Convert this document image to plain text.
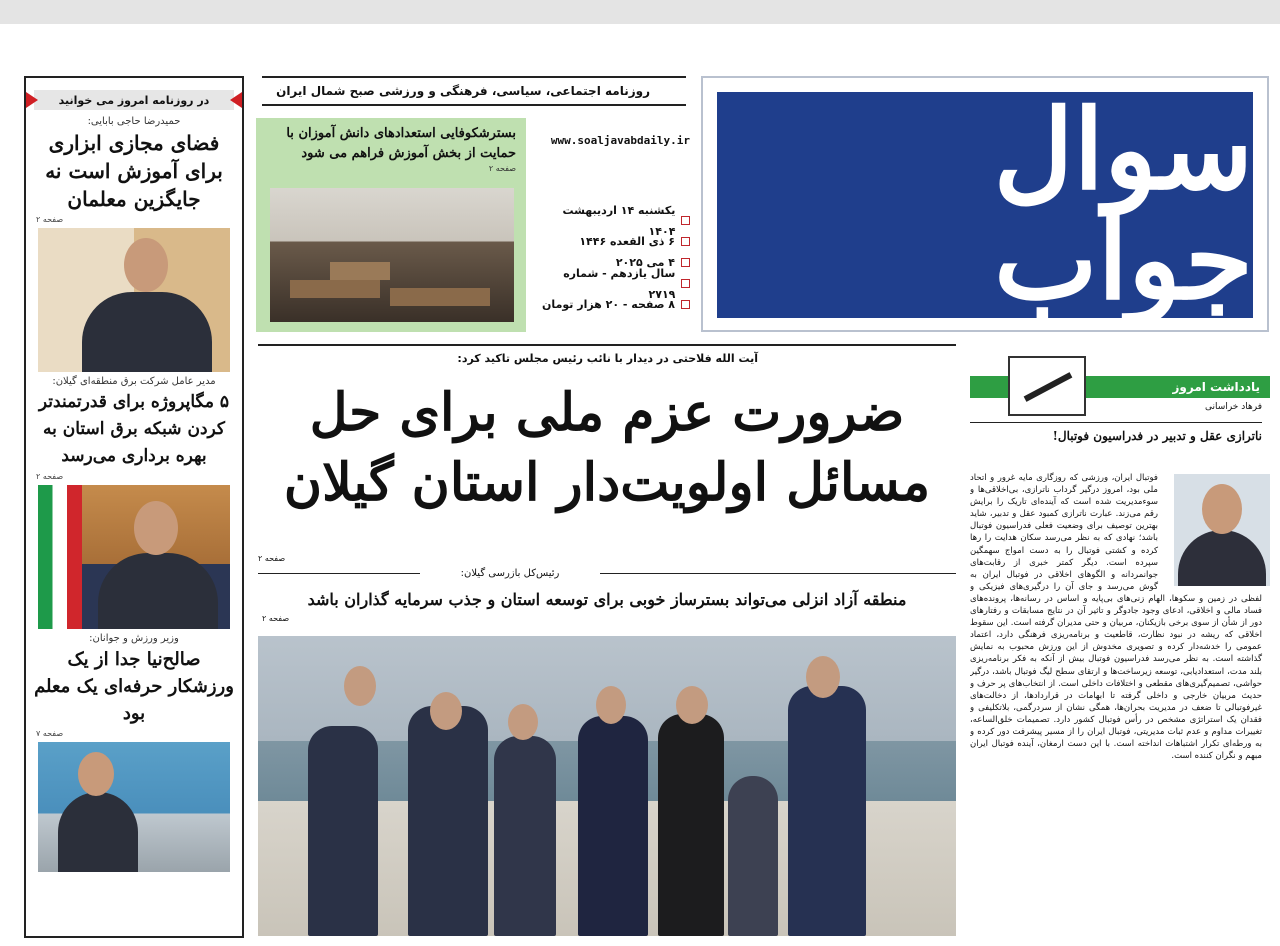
در روزنامه امروز می خوانید
حمیدرضا حاجی بابایی:
فضای مجازی ابزاری برای آموزش است نه جایگزین معلمان
صفحه ۲
مدیر عامل شرکت برق منطقه‌ای گیلان:
۵ مگاپروژه برای قدرتمندتر کردن شبکه برق استان به بهره برداری می‌رسد
صفحه ۲
وزیر ورزش و جوانان:
صالح‌نیا جدا از یک ورزشکار حرفه‌ای یک معلم بود
صفحه ۷
سوال جواب
روزنامه اجتماعی، سیاسی، فرهنگی و ورزشی صبح شمال ایران
www.soaljavabdaily.ir
یکشنبه ۱۴ اردیبهشت ۱۴۰۴
۶ ذی القعده ۱۴۴۶
۴ می ۲۰۲۵
سال یازدهم - شماره ۲۷۱۹
۸ صفحه - ۲۰ هزار تومان
بسترشکوفایی استعدادهای دانش آموزان با حمایت از بخش آموزش فراهم می شود
صفحه ۲
آیت الله فلاحتی در دیدار با نائب رئیس مجلس تاکید کرد:
ضرورت عزم ملی برای حل
مسائل اولویت‌دار استان گیلان
صفحه ۲
رئیس‌کل بازرسی گیلان:
منطقه آزاد انزلی می‌تواند بسترساز خوبی برای توسعه استان و جذب سرمایه گذاران باشد
صفحه ۲
یادداشت امروز
فرهاد خراسانی
ناترازی عقل و تدبیر در فدراسیون فوتبال!
فوتبال ایران، ورزشی که روزگاری مایه غرور و اتحاد ملی بود، امروز درگیر گرداب ناترازی، بی‌اخلاقی‌ها و سوءمدیریت شده است که آینده‌ای تاریک را برایش رقم می‌زند. عبارت ناترازی کمبود عقل و تدبیر، شاید بهترین توصیف برای وضعیت فعلی فدراسیون فوتبال باشد؛ نهادی که به نظر می‌رسد سکان هدایت را رها کرده و کشتی فوتبال را به دست امواج سهمگین سپرده است. دیگر کمتر خبری از رقابت‌های جوانمردانه و الگوهای اخلاقی در فوتبال ایران به گوش می‌رسد و جای آن را درگیری‌های فیزیکی و لفظی در زمین و سکوها، الهام زنی‌های بی‌پایه و اساس در رسانه‌ها، پرونده‌های فساد مالی و اخلاقی، ادعای وجود جادوگر و تاثیر آن در نتایج مسابقات و رفتارهای دور از شأن از سوی برخی بازیکنان، مربیان و حتی مدیران گرفته است. این سقوط اخلاقی که ریشه در نبود نظارت، قاطعیت و برنامه‌ریزی فرهنگی دارد، اعتماد عمومی را خدشه‌دار کرده و تصویری مخدوش از این ورزش محبوب به نمایش گذاشته است. به نظر می‌رسد فدراسیون فوتبال بیش از آنکه به فکر برنامه‌ریزی بلند مدت، استعدادیابی، توسعه زیرساخت‌ها و ارتقای سطح لیگ فوتبال باشد، درگیر حواشی، تصمیم‌گیری‌های مقطعی و اختلافات داخلی است. از انتخاب‌های پر حرف و حدیث مربیان خارجی و داخلی گرفته تا ابهامات در قراردادها، از دخالت‌های غیرفوتبالی تا ضعف در مدیریت بحران‌ها، همگی نشان از سردرگمی، بلاتکلیفی و فقدان یک استراتژی مشخص در رأس فوتبال کشور دارد. تصمیمات خلق‌الساعه، تغییرات مداوم و عدم ثبات مدیریتی، فوتبال ایران را از مسیر پیشرفت دور کرده و به ورطه‌ای تکرار اشتباهات انداخته است. با این دست ارمغان، آینده فوتبال ایران مبهم و نگران کننده است.
